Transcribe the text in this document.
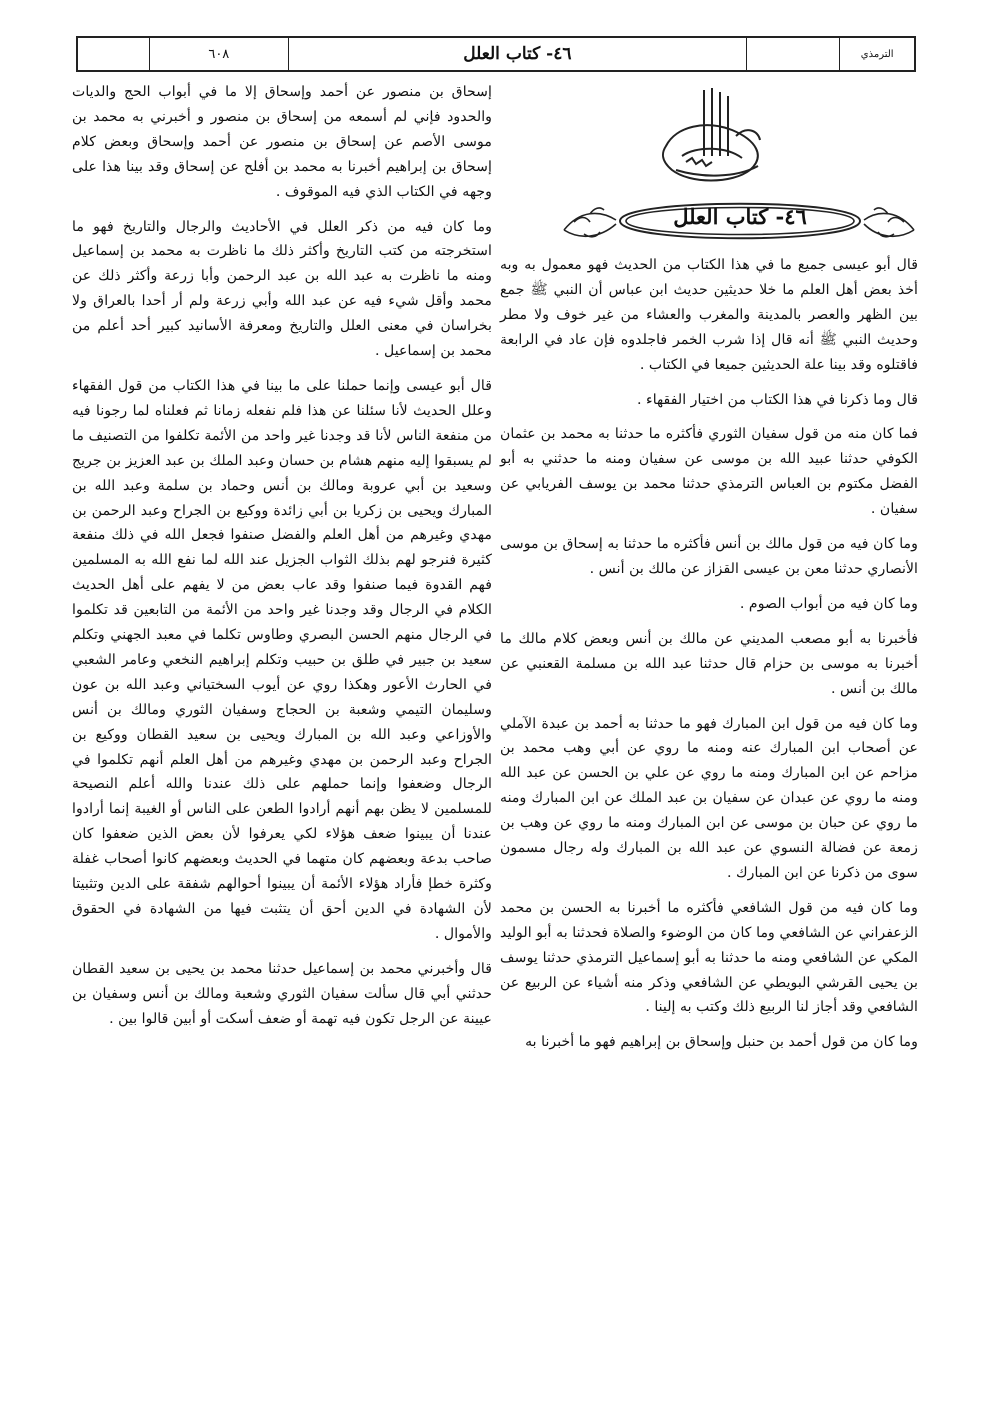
٦٠٨	٤٦- كتاب العلل	الترمذي
٤٦- كتاب العلل

إسحاق بن منصور عن أحمد وإسحاق إلا ما في أبواب الحج والديات والحدود فإني لم أسمعه من إسحاق بن منصور و أخبرني به محمد بن موسى الأصم عن إسحاق بن منصور عن أحمد وإسحاق وبعض كلام إسحاق بن إبراهيم أخبرنا به محمد بن أفلح عن إسحاق وقد بينا هذا على وجهه في الكتاب الذي فيه الموقوف .

وما كان فيه من ذكر العلل في الأحاديث والرجال والتاريخ فهو ما استخرجته من كتب التاريخ وأكثر ذلك ما ناظرت به محمد بن إسماعيل ومنه ما ناظرت به عبد الله بن عبد الرحمن وأبا زرعة وأكثر ذلك عن محمد وأقل شيء فيه عن عبد الله وأبي زرعة ولم أر أحدا بالعراق ولا بخراسان في معنى العلل والتاريخ ومعرفة الأسانيد كبير أحد أعلم من محمد بن إسماعيل .

قال أبو عيسى وإنما حملنا على ما بينا في هذا الكتاب من قول الفقهاء وعلل الحديث لأنا سئلنا عن هذا فلم نفعله زمانا ثم فعلناه لما رجونا فيه من منفعة الناس لأنا قد وجدنا غير واحد من الأئمة تكلفوا من التصنيف ما لم يسبقوا إليه منهم هشام بن حسان وعبد الملك بن عبد العزيز بن جريج وسعيد بن أبي عروبة ومالك بن أنس وحماد بن سلمة وعبد الله بن المبارك ويحيى بن زكريا بن أبي زائدة ووكيع بن الجراح وعبد الرحمن بن مهدي وغيرهم من أهل العلم والفضل صنفوا فجعل الله في ذلك منفعة كثيرة فنرجو لهم بذلك الثواب الجزيل عند الله لما نفع الله به المسلمين فهم القدوة فيما صنفوا وقد عاب بعض من لا يفهم على أهل الحديث الكلام في الرجال وقد وجدنا غير واحد من الأئمة من التابعين قد تكلموا في الرجال منهم الحسن البصري وطاوس تكلما في معبد الجهني وتكلم سعيد بن جبير في طلق بن حبيب وتكلم إبراهيم النخعي وعامر الشعبي في الحارث الأعور وهكذا روي عن أيوب السختياني وعبد الله بن عون وسليمان التيمي وشعبة بن الحجاج وسفيان الثوري ومالك بن أنس والأوزاعي وعبد الله بن المبارك ويحيى بن سعيد القطان ووكيع بن الجراح وعبد الرحمن بن مهدي وغيرهم من أهل العلم أنهم تكلموا في الرجال وضعفوا وإنما حملهم على ذلك عندنا والله أعلم النصيحة للمسلمين لا يظن بهم أنهم أرادوا الطعن على الناس أو الغيبة إنما أرادوا عندنا أن يبينوا ضعف هؤلاء لكي يعرفوا لأن بعض الذين ضعفوا كان صاحب بدعة وبعضهم كان متهما في الحديث وبعضهم كانوا أصحاب غفلة وكثرة خطإ فأراد هؤلاء الأئمة أن يبينوا أحوالهم شفقة على الدين وتثبيتا لأن الشهادة في الدين أحق أن يتثبت فيها من الشهادة في الحقوق والأموال .

قال وأخبرني محمد بن إسماعيل حدثنا محمد بن يحيى بن سعيد القطان حدثني أبي قال سألت سفيان الثوري وشعبة ومالك بن أنس وسفيان بن عيينة عن الرجل تكون فيه تهمة أو ضعف أسكت أو أبين قالوا بين .

قال أبو عيسى جميع ما في هذا الكتاب من الحديث فهو معمول به وبه أخذ بعض أهل العلم ما خلا حديثين حديث ابن عباس أن النبي ﷺ جمع بين الظهر والعصر بالمدينة والمغرب والعشاء من غير خوف ولا مطر وحديث النبي ﷺ أنه قال إذا شرب الخمر فاجلدوه فإن عاد في الرابعة فاقتلوه وقد بينا علة الحديثين جميعا في الكتاب .

قال وما ذكرنا في هذا الكتاب من اختيار الفقهاء .

فما كان منه من قول سفيان الثوري فأكثره ما حدثنا به محمد بن عثمان الكوفي حدثنا عبيد الله بن موسى عن سفيان ومنه ما حدثني به أبو الفضل مكتوم بن العباس الترمذي حدثنا محمد بن يوسف الفريابي عن سفيان .

وما كان فيه من قول مالك بن أنس فأكثره ما حدثنا به إسحاق بن موسى الأنصاري حدثنا معن بن عيسى القزاز عن مالك بن أنس .

وما كان فيه من أبواب الصوم .

فأخبرنا به أبو مصعب المديني عن مالك بن أنس وبعض كلام مالك ما أخبرنا به موسى بن حزام قال حدثنا عبد الله بن مسلمة القعنبي عن مالك بن أنس .

وما كان فيه من قول ابن المبارك فهو ما حدثنا به أحمد بن عبدة الآملي عن أصحاب ابن المبارك عنه ومنه ما روي عن أبي وهب محمد بن مزاحم عن ابن المبارك ومنه ما روي عن علي بن الحسن عن عبد الله ومنه ما روي عن عبدان عن سفيان بن عبد الملك عن ابن المبارك ومنه ما روي عن حبان بن موسى عن ابن المبارك ومنه ما روي عن وهب بن زمعة عن فضالة النسوي عن عبد الله بن المبارك وله رجال مسمون سوى من ذكرنا عن ابن المبارك .

وما كان فيه من قول الشافعي فأكثره ما أخبرنا به الحسن بن محمد الزعفراني عن الشافعي وما كان من الوضوء والصلاة فحدثنا به أبو الوليد المكي عن الشافعي ومنه ما حدثنا به أبو إسماعيل الترمذي حدثنا يوسف بن يحيى القرشي البويطي عن الشافعي وذكر منه أشياء عن الربيع عن الشافعي وقد أجاز لنا الربيع ذلك وكتب به إلينا .

وما كان من قول أحمد بن حنبل وإسحاق بن إبراهيم فهو ما أخبرنا به
